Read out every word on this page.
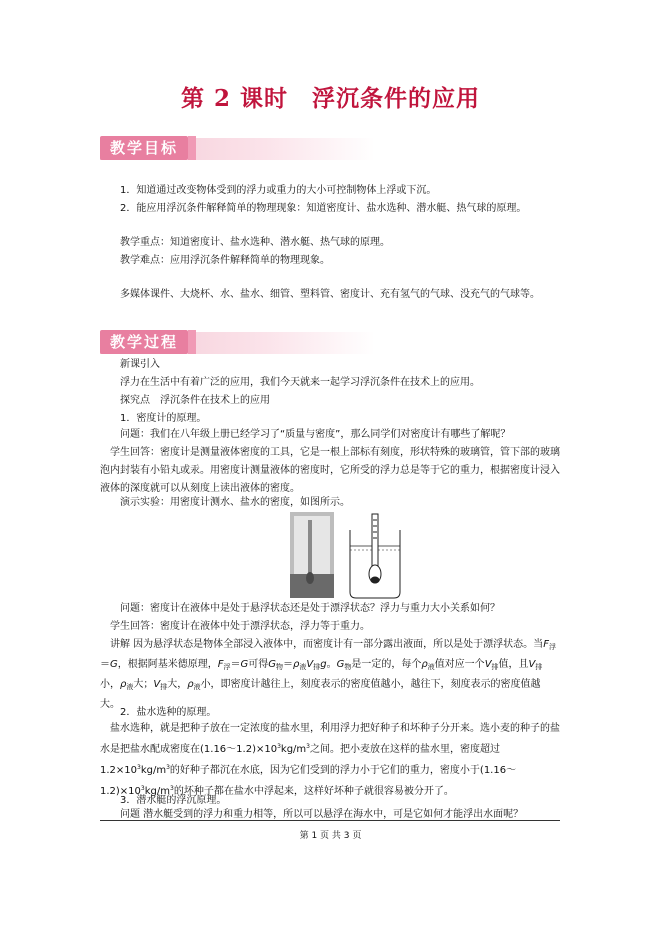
第 2 课时　浮沉条件的应用
教学目标
1．知道通过改变物体受到的浮力或重力的大小可控制物体上浮或下沉。
2．能应用浮沉条件解释简单的物理现象：知道密度计、盐水选种、潜水艇、热气球的原理。
教学重点：知道密度计、盐水选种、潜水艇、热气球的原理。
教学难点：应用浮沉条件解释简单的物理现象。
多媒体课件、大烧杯、水、盐水、细管、塑料管、密度计、充有氢气的气球、没充气的气球等。
教学过程
新课引入
浮力在生活中有着广泛的应用，我们今天就来一起学习浮沉条件在技术上的应用。
探究点　浮沉条件在技术上的应用
1．密度计的原理。
问题：我们在八年级上册已经学习了“质量与密度”，那么同学们对密度计有哪些了解呢？
学生回答：密度计是测量液体密度的工具，它是一根上部标有刻度，形状特殊的玻璃管，管下部的玻璃泡内封装有小铅丸或汞。用密度计测量液体的密度时，它所受的浮力总是等于它的重力，根据密度计浸入液体的深度就可以从刻度上读出液体的密度。
演示实验：用密度计测水、盐水的密度，如图所示。
问题：密度计在液体中是处于悬浮状态还是处于漂浮状态？浮力与重力大小关系如何？
学生回答：密度计在液体中处于漂浮状态，浮力等于重力。
讲解 因为悬浮状态是物体全部浸入液体中，而密度计有一部分露出液面，所以是处于漂浮状态。当$F_浮=G$，根据阿基米德原理，$F_浮=G$可得$G_物=\rho_液V_排g$。$G_物$是一定的，每个$\rho_液$值对应一个$V_排$值，且$V_排$小，$\rho_液$大；$V_排$大，$\rho_液$小，即密度计越往上，刻度表示的密度值越小，越往下，刻度表示的密度值越大。
2．盐水选种的原理。
盐水选种，就是把种子放在一定浓度的盐水里，利用浮力把好种子和坏种子分开来。选小麦的种子的盐水是把盐水配成密度在$(1.16\sim 1.2)\times 10^3kg/m^3$之间。把小麦放在这样的盐水里，密度超过 $1.2\times 10^3kg/m^3$的好种子都沉在水底，因为它们受到的浮力小于它们的重力，密度小于$(1.16\sim 1.2)\times 10^3kg/m^3$的坏种子都在盐水中浮起来，这样好坏种子就很容易被分开了。
3．潜水艇的浮沉原理。
问题 潜水艇受到的浮力和重力相等，所以可以悬浮在海水中，可是它如何才能浮出水面呢？
第 1 页 共 3 页
